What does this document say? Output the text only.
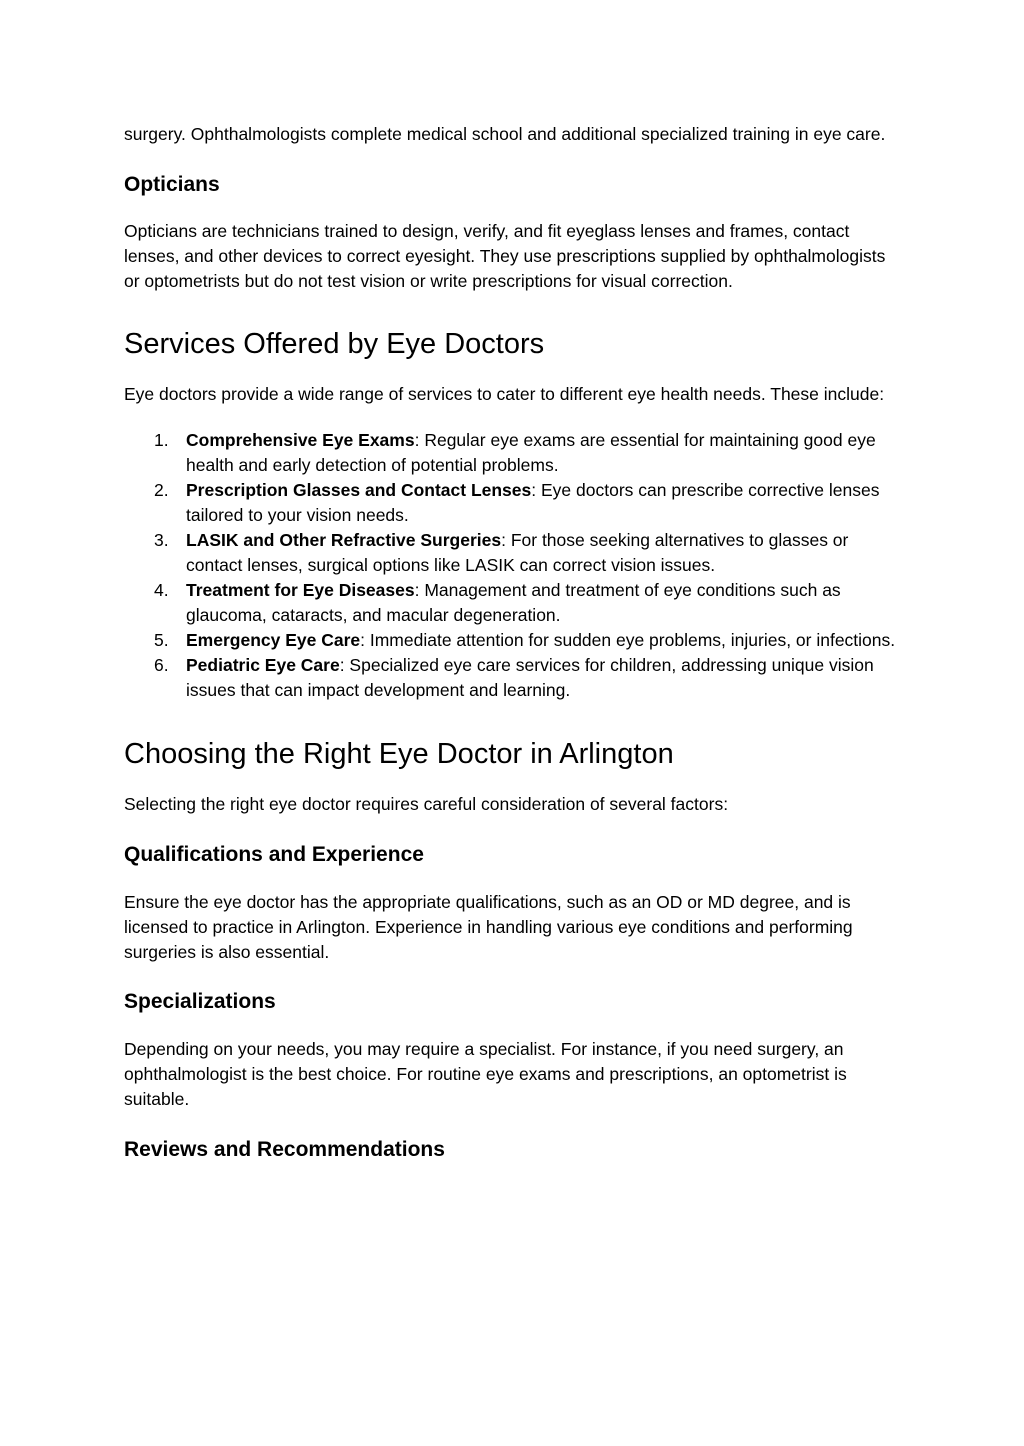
surgery. Ophthalmologists complete medical school and additional specialized training in eye care.

Opticians

Opticians are technicians trained to design, verify, and fit eyeglass lenses and frames, contact lenses, and other devices to correct eyesight. They use prescriptions supplied by ophthalmologists or optometrists but do not test vision or write prescriptions for visual correction.

Services Offered by Eye Doctors

Eye doctors provide a wide range of services to cater to different eye health needs. These include:

1. Comprehensive Eye Exams: Regular eye exams are essential for maintaining good eye health and early detection of potential problems.
2. Prescription Glasses and Contact Lenses: Eye doctors can prescribe corrective lenses tailored to your vision needs.
3. LASIK and Other Refractive Surgeries: For those seeking alternatives to glasses or contact lenses, surgical options like LASIK can correct vision issues.
4. Treatment for Eye Diseases: Management and treatment of eye conditions such as glaucoma, cataracts, and macular degeneration.
5. Emergency Eye Care: Immediate attention for sudden eye problems, injuries, or infections.
6. Pediatric Eye Care: Specialized eye care services for children, addressing unique vision issues that can impact development and learning.
Choosing the Right Eye Doctor in Arlington

Selecting the right eye doctor requires careful consideration of several factors:

Qualifications and Experience

Ensure the eye doctor has the appropriate qualifications, such as an OD or MD degree, and is licensed to practice in Arlington. Experience in handling various eye conditions and performing surgeries is also essential.

Specializations

Depending on your needs, you may require a specialist. For instance, if you need surgery, an ophthalmologist is the best choice. For routine eye exams and prescriptions, an optometrist is suitable.

Reviews and Recommendations
